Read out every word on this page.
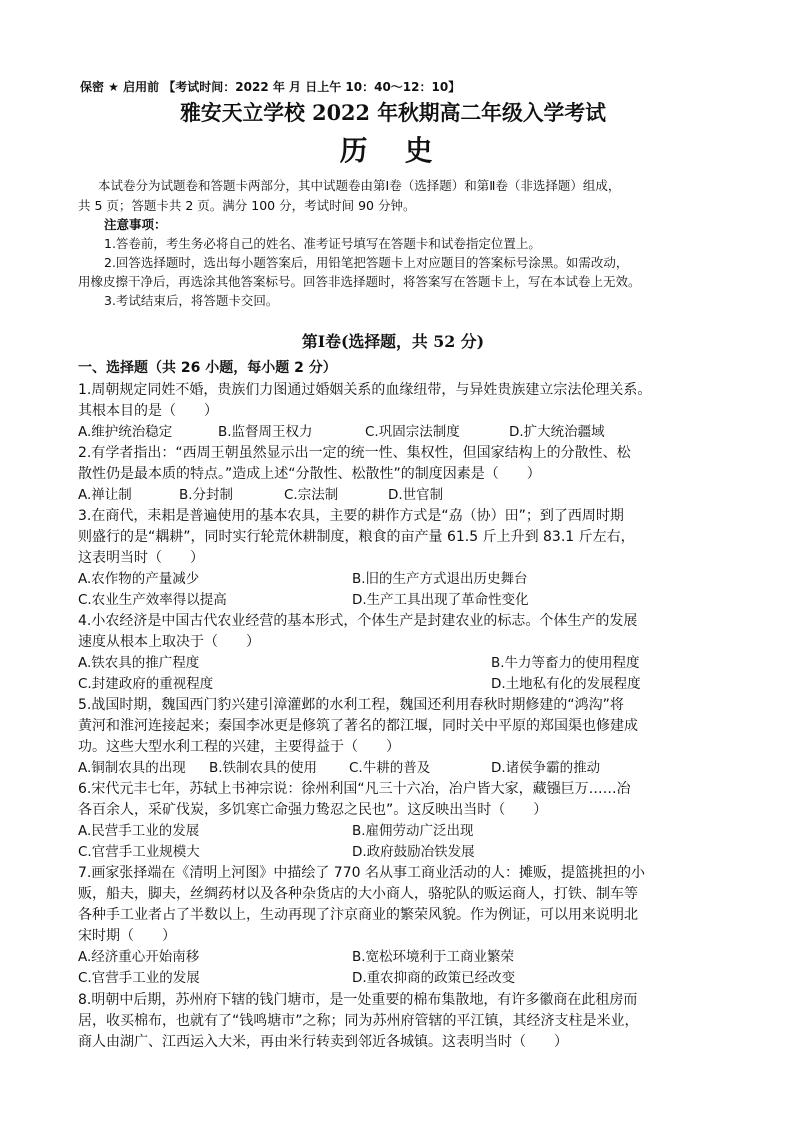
保密 ★ 启用前 【考试时间：2022 年 月 日上午 10：40～12：10】
雅安天立学校 2022 年秋期高二年级入学考试
历 史
本试卷分为试题卷和答题卡两部分，其中试题卷由第Ⅰ卷（选择题）和第Ⅱ卷（非选择题）组成，
共 5 页；答题卡共 2 页。满分 100 分，考试时间 90 分钟。
注意事项：
1.答卷前，考生务必将自己的姓名、准考证号填写在答题卡和试卷指定位置上。
2.回答选择题时，选出每小题答案后，用铅笔把答题卡上对应题目的答案标号涂黑。如需改动，
用橡皮擦干净后，再选涂其他答案标号。回答非选择题时，将答案写在答题卡上，写在本试卷上无效。
3.考试结束后，将答题卡交回。
第Ⅰ卷(选择题，共 52 分)
一、选择题（共 26 小题，每小题 2 分）
1.周朝规定同姓不婚，贵族们力图通过婚姻关系的血缘纽带，与异姓贵族建立宗法伦理关系。
其根本目的是（　　）
A.维护统治稳定	B.监督周王权力	C.巩固宗法制度	D.扩大统治疆域
2.有学者指出：“西周王朝虽然显示出一定的统一性、集权性，但国家结构上的分散性、松
散性仍是最本质的特点。”造成上述“分散性、松散性”的制度因素是（　　）
A.禅让制	B.分封制	C.宗法制	D.世官制
3.在商代，耒耜是普遍使用的基本农具，主要的耕作方式是“劦（协）田”；到了西周时期
则盛行的是“耦耕”，同时实行轮荒休耕制度，粮食的亩产量 61.5 斤上升到 83.1 斤左右，
这表明当时（　　）
A.农作物的产量减少	B.旧的生产方式退出历史舞台
C.农业生产效率得以提高	D.生产工具出现了革命性变化
4.小农经济是中国古代农业经营的基本形式，个体生产是封建农业的标志。个体生产的发展
速度从根本上取决于（　　）
A.铁农具的推广程度	B.牛力等畜力的使用程度
C.封建政府的重视程度	D.土地私有化的发展程度
5.战国时期，魏国西门豹兴建引漳灌邺的水利工程，魏国还利用春秋时期修建的“鸿沟”将
黄河和淮河连接起来；秦国李冰更是修筑了著名的都江堰，同时关中平原的郑国渠也修建成
功。这些大型水利工程的兴建，主要得益于（　　）
A.铜制农具的出现 B.铁制农具的使用 C.牛耕的普及	D.诸侯争霸的推动
6.宋代元丰七年，苏轼上书神宗说：徐州利国“凡三十六冶，冶户皆大家，藏镪巨万……冶
各百余人，采矿伐炭，多饥寒亡命强力鸷忍之民也”。这反映出当时（　　）
A.民营手工业的发展	B.雇佣劳动广泛出现
C.官营手工业规模大	D.政府鼓励冶铁发展
7.画家张择端在《清明上河图》中描绘了 770 名从事工商业活动的人：摊贩，提篮挑担的小
贩，船夫，脚夫，丝绸药材以及各种杂货店的大小商人，骆驼队的贩运商人，打铁、制车等
各种手工业者占了半数以上，生动再现了汴京商业的繁荣风貌。作为例证，可以用来说明北
宋时期（　　）
A.经济重心开始南移	B.宽松环境利于工商业繁荣
C.官营手工业的发展	D.重农抑商的政策已经改变
8.明朝中后期，苏州府下辖的钱门塘市，是一处重要的棉布集散地，有许多徽商在此租房而
居，收买棉布，也就有了“钱鸣塘市”之称；同为苏州府管辖的平江镇，其经济支柱是米业，
商人由湖广、江西运入大米，再由米行转卖到邻近各城镇。这表明当时（　　）
